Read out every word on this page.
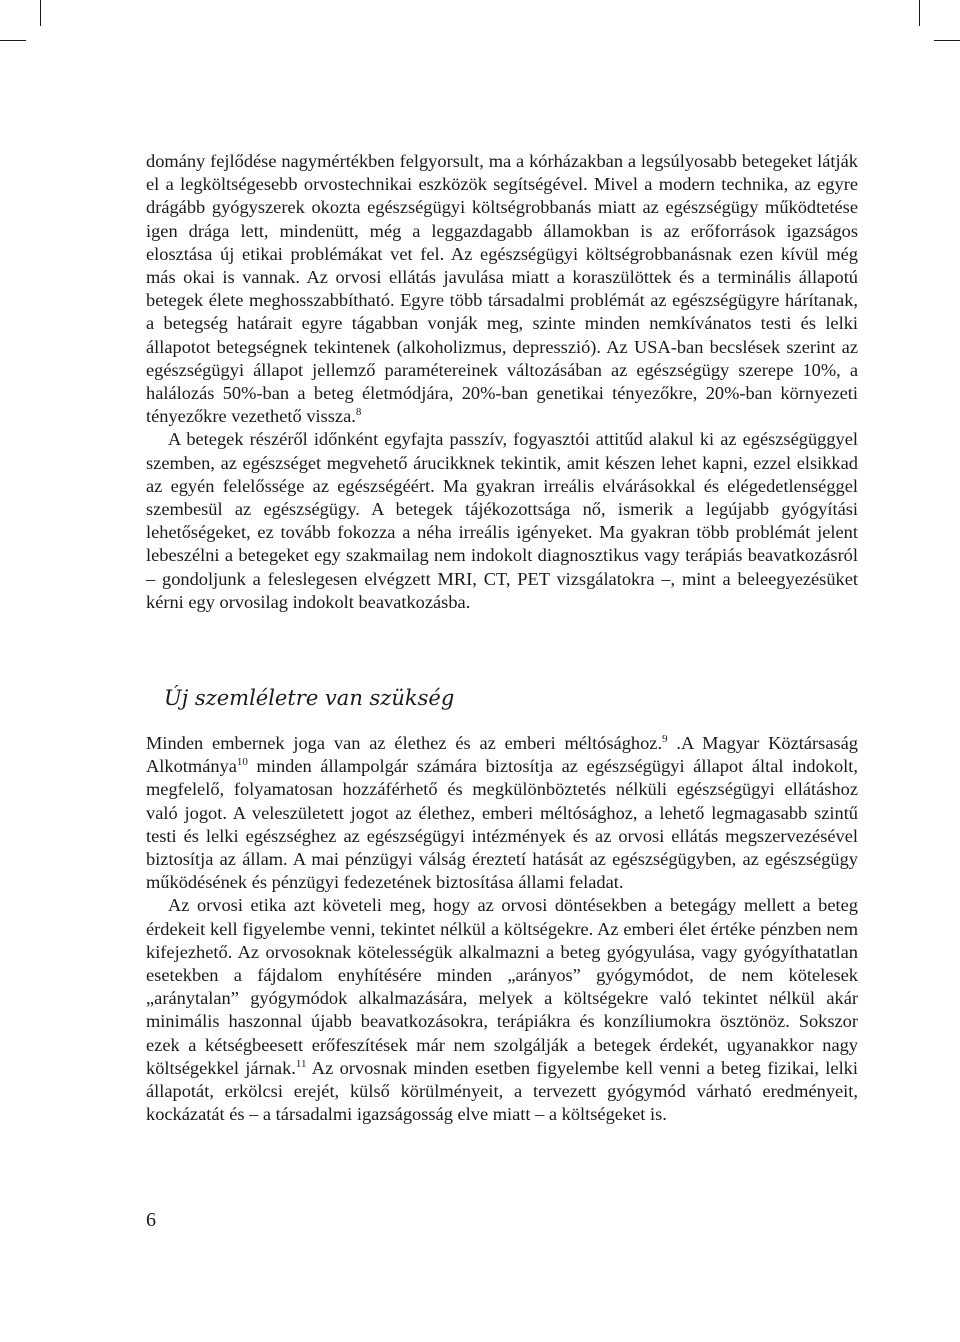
domány fejlődése nagymértékben felgyorsult, ma a kórházakban a legsúlyosabb betegeket látják el a legköltségesebb orvostechnikai eszközök segítségével. Mivel a modern technika, az egyre drágább gyógyszerek okozta egészségügyi költségrobbanás miatt az egészségügy működtetése igen drága lett, mindenütt, még a leggazdagabb államokban is az erőforrások igazságos elosztása új etikai problémákat vet fel. Az egészségügyi költségrobbanásnak ezen kívül még más okai is vannak. Az orvosi ellátás javulása miatt a koraszülöttek és a terminális állapotú betegek élete meghosszabbítható. Egyre több társadalmi problémát az egészségügyre hárítanak, a betegség határait egyre tágabban vonják meg, szinte minden nemkívánatos testi és lelki állapotot betegségnek tekintenek (alkoholizmus, depresszió). Az USA-ban becslések szerint az egészségügyi állapot jellemző paramétereinek változásában az egészségügy szerepe 10%, a halálozás 50%-ban a beteg életmódjára, 20%-ban genetikai tényezőkre, 20%-ban környezeti tényezőkre vezethető vissza.$^8$

A betegek részéről időnként egyfajta passzív, fogyasztói attitűd alakul ki az egészségüggyel szemben, az egészséget megvehető árucikknek tekintik, amit készen lehet kapni, ezzel elsikkad az egyén felelőssége az egészségéért. Ma gyakran irreális elvárásokkal és elégedetlenséggel szembesül az egészségügy. A betegek tájékozottsága nő, ismerik a legújabb gyógyítási lehetőségeket, ez tovább fokozza a néha irreális igényeket. Ma gyakran több problémát jelent lebeszélni a betegeket egy szakmailag nem indokolt diagnosztikus vagy terápiás beavatkozásról – gondoljunk a feleslegesen elvégzett MRI, CT, PET vizsgálatokra –, mint a beleegyezésüket kérni egy orvosilag indokolt beavatkozásba.

Új szemléletre van szükség

Minden embernek joga van az élethez és az emberi méltósághoz.$^9$ .A Magyar Köztársaság Alkotmánya$^{10}$ minden állampolgár számára biztosítja az egészségügyi állapot által indokolt, megfelelő, folyamatosan hozzáférhető és megkülönböztetés nélküli egészségügyi ellátáshoz való jogot. A veleszületett jogot az élethez, emberi méltósághoz, a lehető legmagasabb szintű testi és lelki egészséghez az egészségügyi intézmények és az orvosi ellátás megszervezésével biztosítja az állam. A mai pénzügyi válság éreztetí hatását az egészségügyben, az egészségügy működésének és pénzügyi fedezetének biztosítása állami feladat.

Az orvosi etika azt követeli meg, hogy az orvosi döntésekben a betegágy mellett a beteg érdekeit kell figyelembe venni, tekintet nélkül a költségekre. Az emberi élet értéke pénzben nem kifejezhető. Az orvosoknak kötelességük alkalmazni a beteg gyógyulása, vagy gyógyíthatatlan esetekben a fájdalom enyhítésére minden „arányos” gyógymódot, de nem kötelesek „aránytalan” gyógymódok alkalmazására, melyek a költségekre való tekintet nélkül akár minimális haszonnal újabb beavatkozásokra, terápiákra és konzíliumokra ösztönöz. Sokszor ezek a kétségbeesett erőfeszítések már nem szolgálják a betegek érdekét, ugyanakkor nagy költségekkel járnak.$^{11}$ Az orvosnak minden esetben figyelembe kell venni a beteg fizikai, lelki állapotát, erkölcsi erejét, külső körülményeit, a tervezett gyógymód várható eredményeit, kockázatát és – a társadalmi igazságosság elve miatt – a költségeket is.

6
